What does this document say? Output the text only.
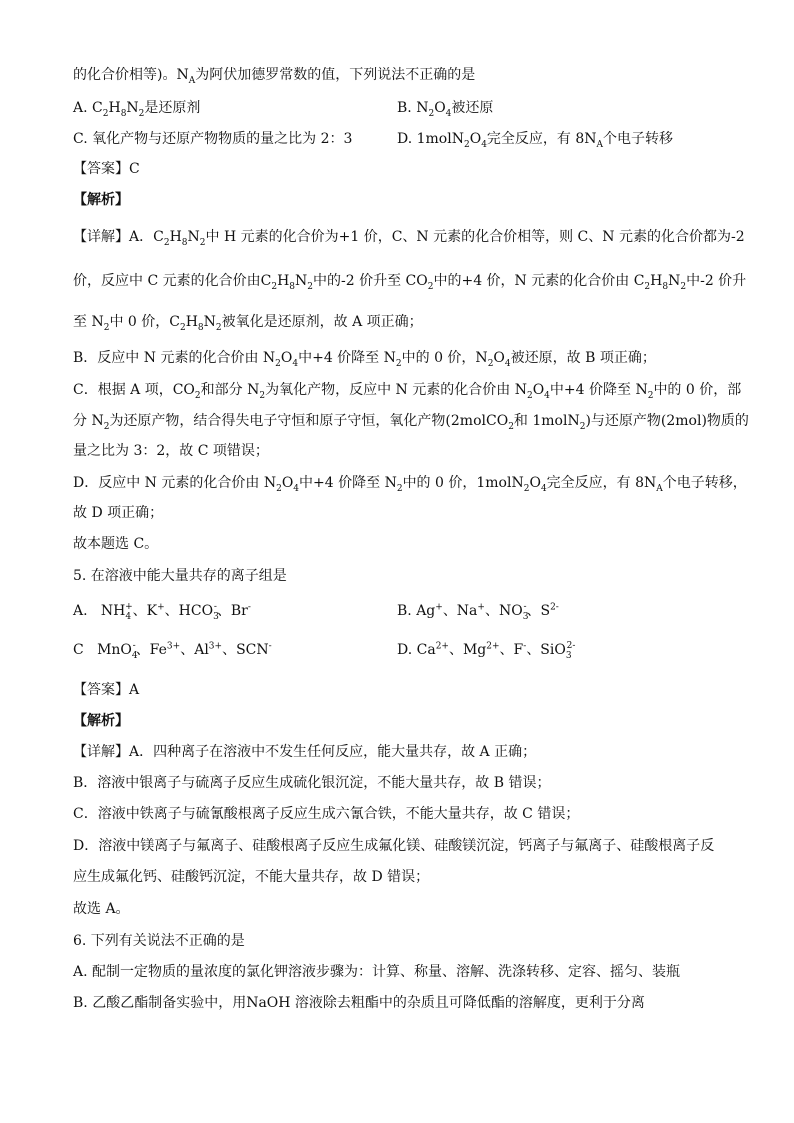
的化合价相等)。$N_A$为阿伏加德罗常数的值，下列说法不正确的是
A. $C_2H_8N_2$是还原剂	B. $N_2O_4$被还原
C. 氧化产物与还原产物物质的量之比为 2：3	D. $1molN_2O_4$完全反应，有 $8N_A$个电子转移
【答案】C
【解析】
【详解】A．$C_2H_8N_2$中 H 元素的化合价为+1 价，C、N 元素的化合价相等，则 C、N 元素的化合价都为-2
价，反应中 C 元素的化合价由$C_2H_8N_2$中的-2 价升至 $CO_2$中的+4 价，N 元素的化合价由 $C_2H_8N_2$中-2 价升
至 $N_2$中 0 价，$C_2H_8N_2$被氧化是还原剂，故 A 项正确；
B．反应中 N 元素的化合价由 $N_2O_4$中+4 价降至 $N_2$中的 0 价，$N_2O_4$被还原，故 B 项正确；
C．根据 A 项，$CO_2$和部分 $N_2$为氧化产物，反应中 N 元素的化合价由 $N_2O_4$中+4 价降至 $N_2$中的 0 价，部
分 $N_2$为还原产物，结合得失电子守恒和原子守恒，氧化产物(2molCO$_2$和 1molN$_2$)与还原产物(2mol)物质的
量之比为 3：2，故 C 项错误；
D．反应中 N 元素的化合价由 $N_2O_4$中+4 价降至 $N_2$中的 0 价，$1molN_2O_4$完全反应，有 $8N_A$个电子转移，
故 D 项正确；
故本题选 C。
5. 在溶液中能大量共存的离子组是
A.   $NH_4^+$、K+、$HCO_3^-$、Br-	B. Ag+、Na+、$NO_3^-$、$S^{2-}$
C   MnO$_4$-、$Fe^{3+}$、$Al^{3+}$、SCN-	D. $Ca^{2+}$、$Mg^{2+}$、F-、SiO$_3^{2-}$
【答案】A
【解析】
【详解】A．四种离子在溶液中不发生任何反应，能大量共存，故 A 正确；
B．溶液中银离子与硫离子反应生成硫化银沉淀，不能大量共存，故 B 错误；
C．溶液中铁离子与硫氰酸根离子反应生成六氰合铁，不能大量共存，故 C 错误；
D．溶液中镁离子与氟离子、硅酸根离子反应生成氟化镁、硅酸镁沉淀，钙离子与氟离子、硅酸根离子反
应生成氟化钙、硅酸钙沉淀，不能大量共存，故 D 错误；
故选 A。
6. 下列有关说法不正确的是
A. 配制一定物质的量浓度的氯化钾溶液步骤为：计算、称量、溶解、洗涤转移、定容、摇匀、装瓶
B. 乙酸乙酯制备实验中，用NaOH 溶液除去粗酯中的杂质且可降低酯的溶解度，更利于分离
